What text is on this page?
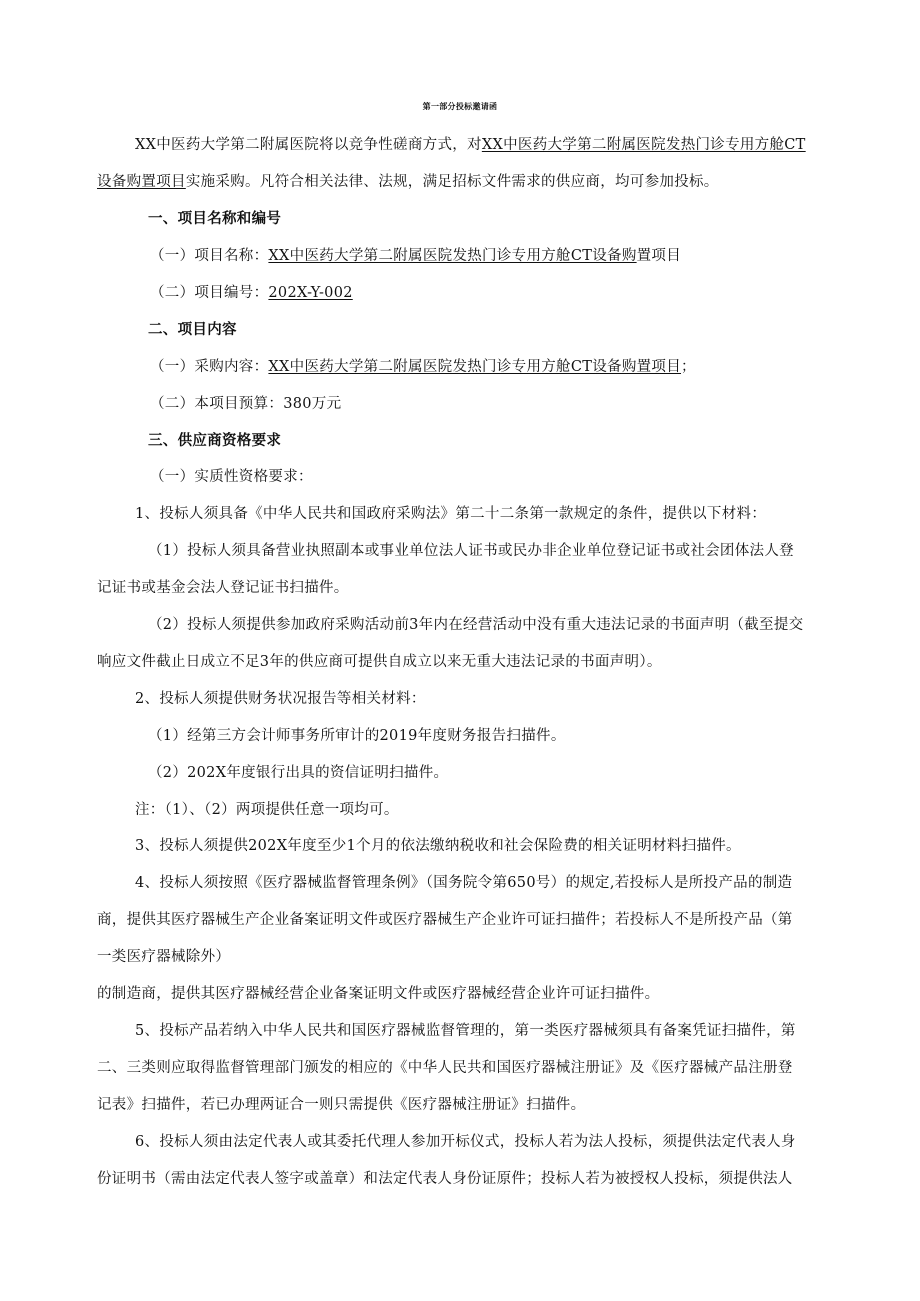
第一部分投标邀请函
XX中医药大学第二附属医院将以竞争性磋商方式，对XX中医药大学第二附属医院发热门诊专用方舱CT
设备购置项目实施采购。凡符合相关法律、法规，满足招标文件需求的供应商，均可参加投标。
一、项目名称和编号
（一）项目名称：XX中医药大学第二附属医院发热门诊专用方舱CT设备购置项目
（二）项目编号：202X-Y-002
二、项目内容
（一）采购内容：XX中医药大学第二附属医院发热门诊专用方舱CT设备购置项目；
（二）本项目预算：380万元
三、供应商资格要求
（一）实质性资格要求：
1、投标人须具备《中华人民共和国政府采购法》第二十二条第一款规定的条件，提供以下材料：
（1）投标人须具备营业执照副本或事业单位法人证书或民办非企业单位登记证书或社会团体法人登
记证书或基金会法人登记证书扫描件。
（2）投标人须提供参加政府采购活动前3年内在经营活动中没有重大违法记录的书面声明（截至提交
响应文件截止日成立不足3年的供应商可提供自成立以来无重大违法记录的书面声明）。
2、投标人须提供财务状况报告等相关材料：
（1）经第三方会计师事务所审计的2019年度财务报告扫描件。
（2）202X年度银行出具的资信证明扫描件。
注：（1）、（2）两项提供任意一项均可。
3、投标人须提供202X年度至少1个月的依法缴纳税收和社会保险费的相关证明材料扫描件。
4、投标人须按照《医疗器械监督管理条例》（国务院令第650号）的规定,若投标人是所投产品的制造
商，提供其医疗器械生产企业备案证明文件或医疗器械生产企业许可证扫描件；若投标人不是所投产品（第
一类医疗器械除外）
的制造商，提供其医疗器械经营企业备案证明文件或医疗器械经营企业许可证扫描件。
5、投标产品若纳入中华人民共和国医疗器械监督管理的，第一类医疗器械须具有备案凭证扫描件，第
二、三类则应取得监督管理部门颁发的相应的《中华人民共和国医疗器械注册证》及《医疗器械产品注册登
记表》扫描件，若已办理两证合一则只需提供《医疗器械注册证》扫描件。
6、投标人须由法定代表人或其委托代理人参加开标仪式，投标人若为法人投标，须提供法定代表人身
份证明书（需由法定代表人签字或盖章）和法定代表人身份证原件；投标人若为被授权人投标，须提供法人
